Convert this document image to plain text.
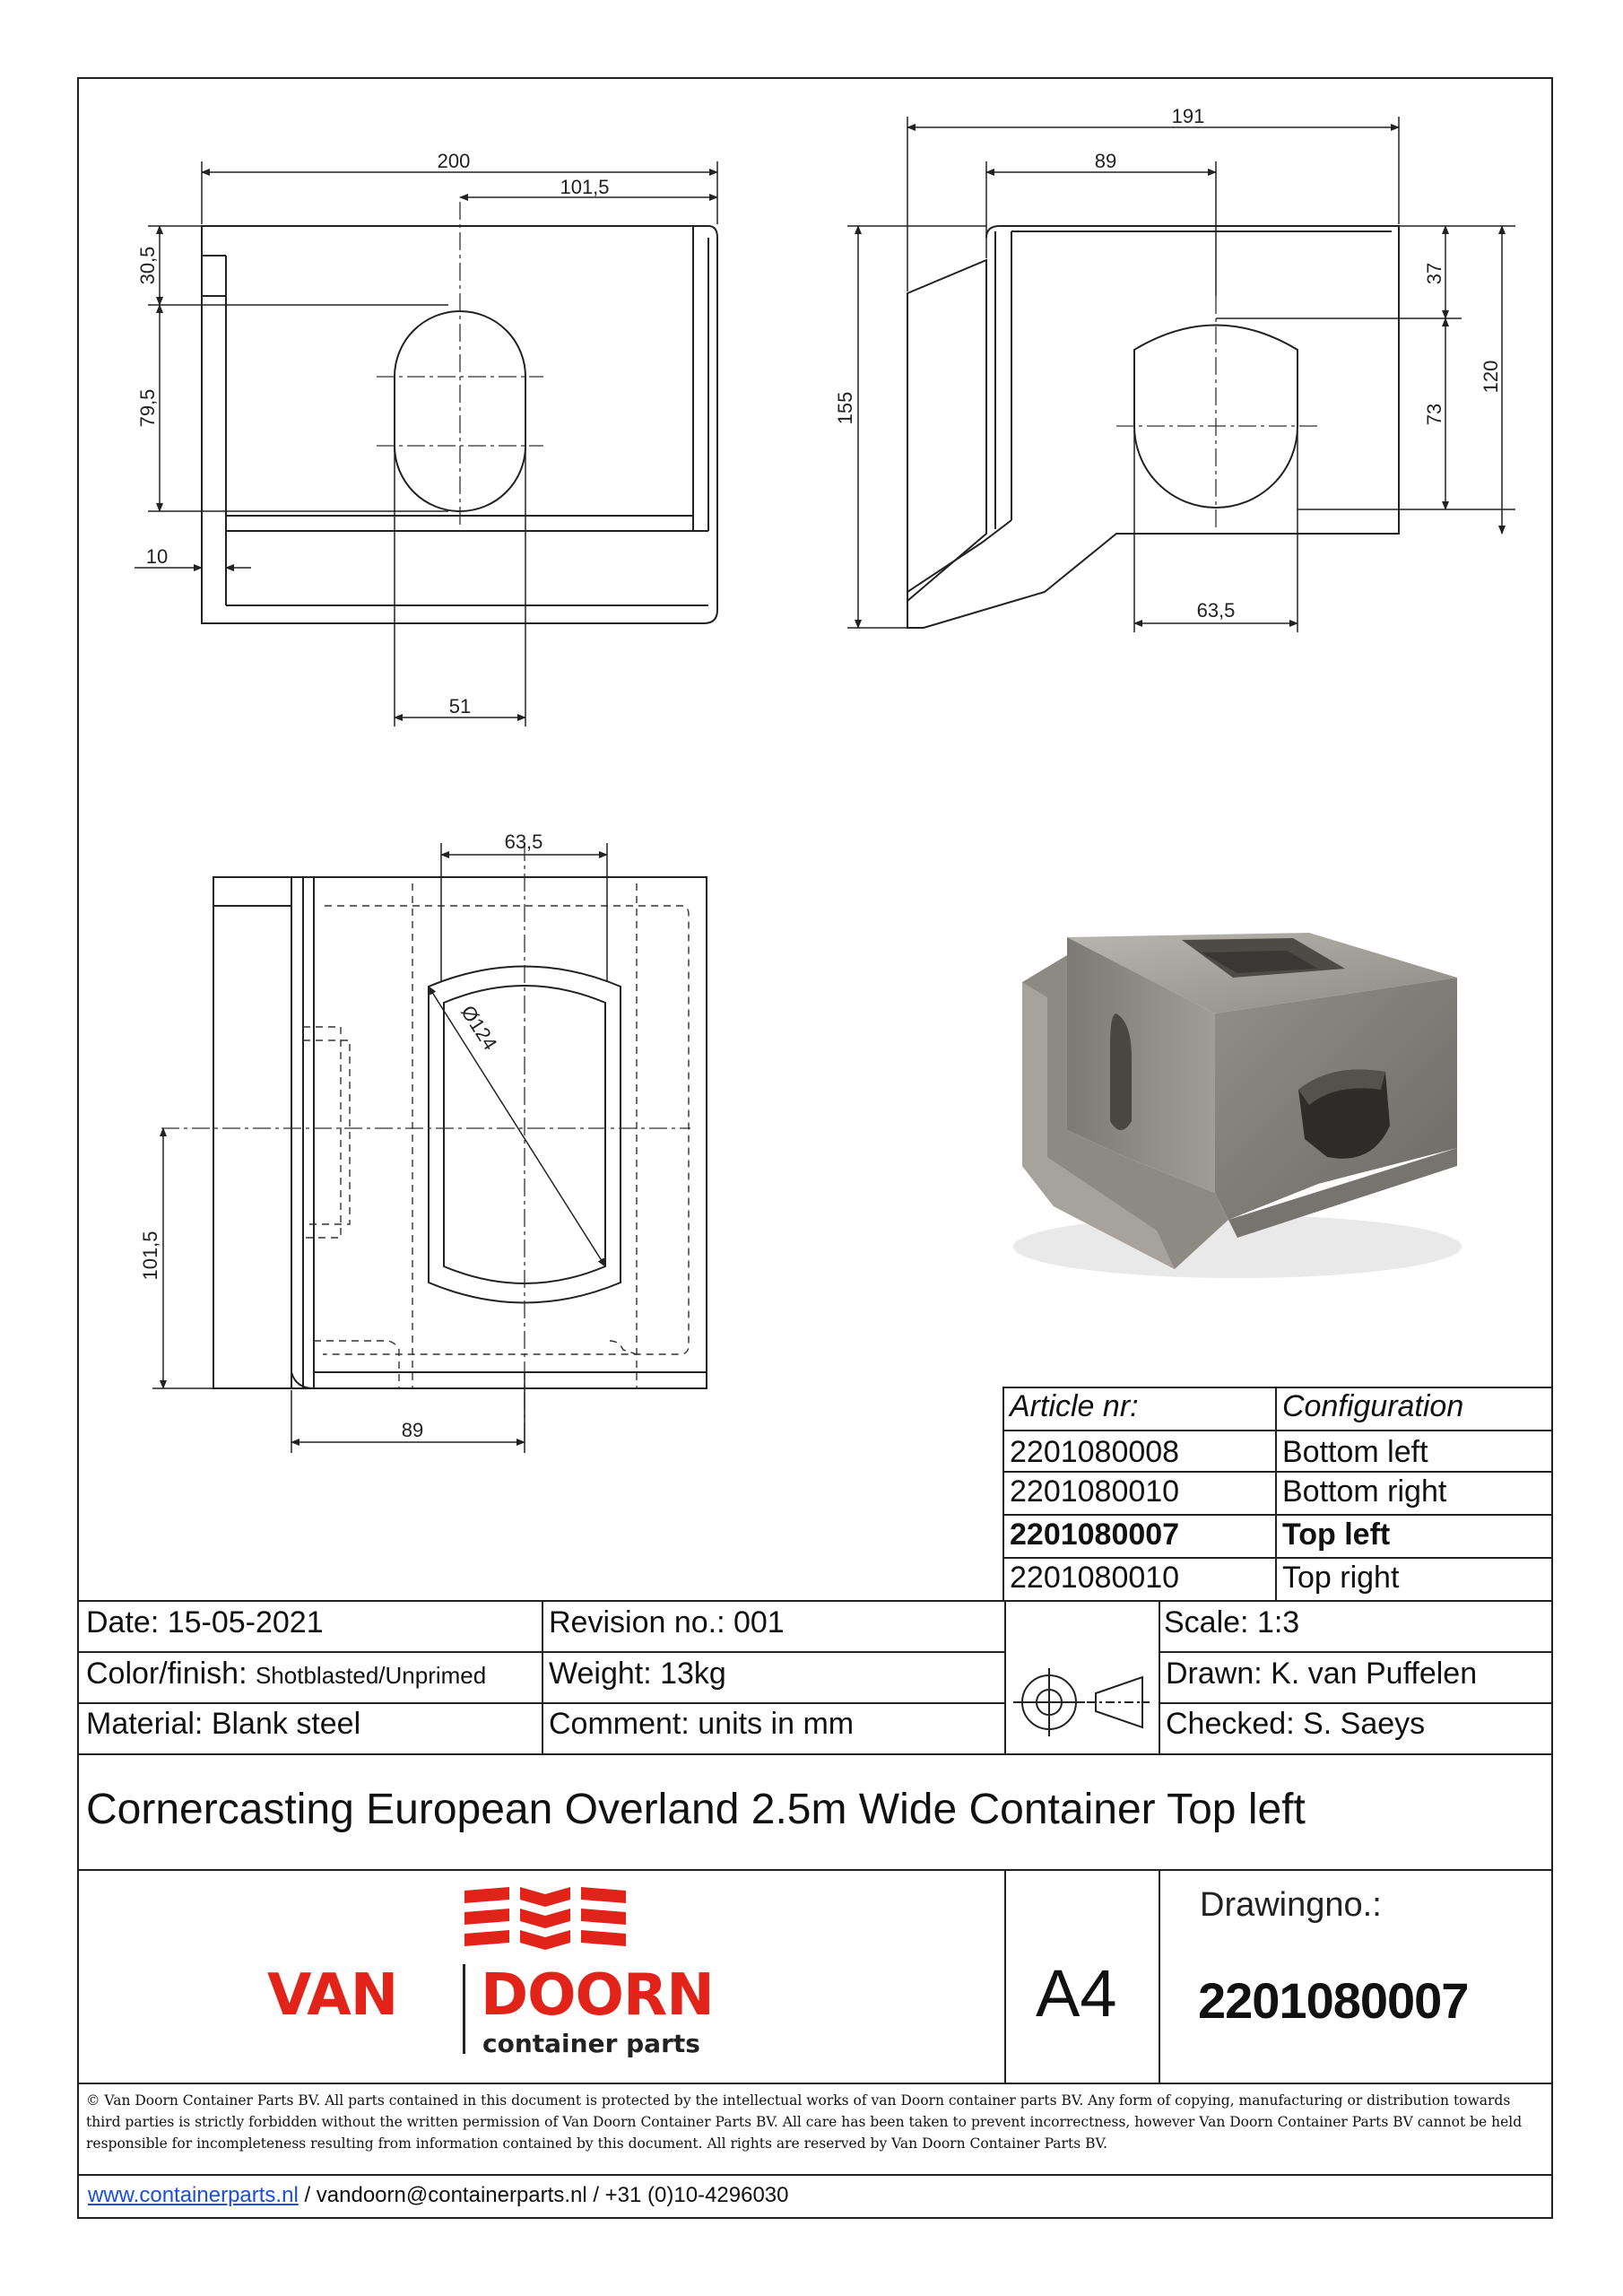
200
101,5
30,5
79,5
10
51
191
89
155
37
73
120
63,5
63,5
Ø124
101,5
89
Article nr:	Configuration
2201080008	Bottom left
2201080010	Bottom right
2201080007	Top left
2201080010	Top right
Date: 15-05-2021	Revision no.: 001
Color/finish: Shotblasted/Unprimed Weight: 13kg
Material: Blank steel	Comment: units in mm
Scale: 1:3
Drawn: K. van Puffelen
Checked: S. Saeys
Cornercasting European Overland 2.5m Wide Container Top left
A4
Drawingno.:
2201080007
VAN DOORN
container parts
© Van Doorn Container Parts BV. All parts contained in this document is protected by the intellectual works of van Doorn container parts BV. Any form of copying, manufacturing or distribution towards third parties is strictly forbidden without the written permission of Van Doorn Container Parts BV. All care has been taken to prevent incorrectness, however Van Doorn Container Parts BV cannot be held responsible for incompleteness resulting from information contained by this document. All rights are reserved by Van Doorn Container Parts BV.
www.containerparts.nl / vandoorn@containerparts.nl / +31 (0)10-4296030
